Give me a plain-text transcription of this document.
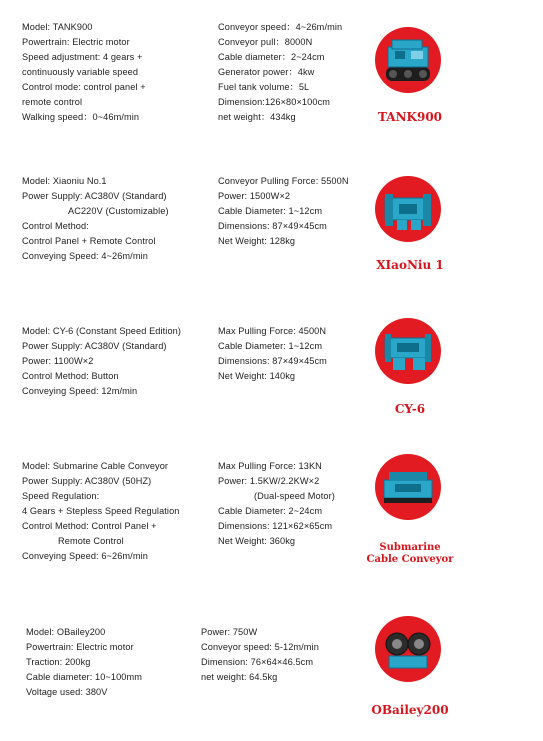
Model: TANK900
Powertrain: Electric motor
Speed adjustment: 4 gears +
continuously variable speed
Control mode: control panel +
remote control
Walking speed：0~46m/min
Conveyor speed：4~26m/min
Conveyor pull：8000N
Cable diameter：2~24cm
Generator power：4kw
Fuel tank volume：5L
Dimension:126×80×100cm
net weight：434kg	TANK900
Model: Xiaoniu No.1
Power Supply: AC380V (Standard)
AC220V (Customizable)
Control Method:
Control Panel + Remote Control
Conveying Speed: 4~26m/min
Conveyor Pulling Force: 5500N
Power: 1500W×2
Cable Diameter: 1~12cm
Dimensions: 87×49×45cm
Net Weight: 128kg
XIaoNiu 1
Model: CY-6 (Constant Speed Edition)
Power Supply: AC380V (Standard)
Power: 1100W×2
Control Method: Button
Conveying Speed: 12m/min
Max Pulling Force: 4500N
Cable Diameter: 1~12cm
Dimensions: 87×49×45cm
Net Weight: 140kg
CY-6
Model: Submarine Cable Conveyor
Power Supply: AC380V (50HZ)
Speed Regulation:
4 Gears + Stepless Speed Regulation
Control Method: Control Panel +
Remote Control
Conveying Speed: 6~26m/min
Max Pulling Force: 13KN
Power: 1.5KW/2.2KW×2
(Dual-speed Motor)
Cable Diameter: 2~24cm
Dimensions: 121×62×65cm
Net Weight: 360kg
Submarine
Cable Conveyor
Model: OBailey200
Powertrain: Electric motor
Traction: 200kg
Cable diameter: 10~100mm
Voltage used: 380V
Power: 750W
Conveyor speed: 5-12m/min
Dimension: 76×64×46.5cm
net weight: 64.5kg
OBailey200
